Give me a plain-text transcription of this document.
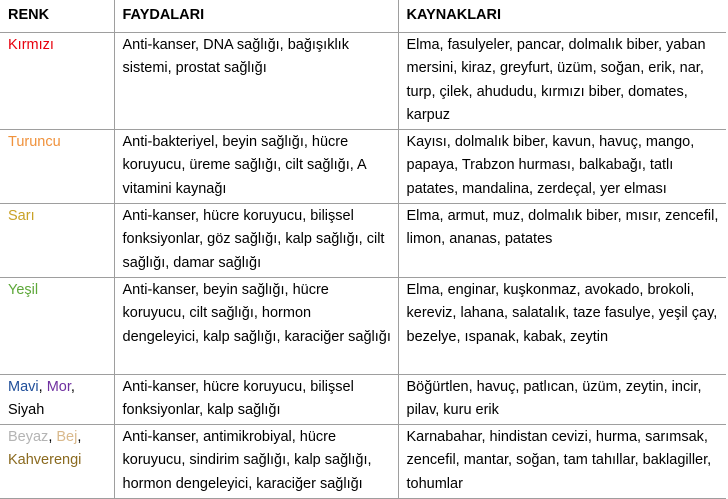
RENK	FAYDALARI	KAYNAKLARI
Kırmızı	Anti-kanser, DNA sağlığı, bağışıklık sistemi, prostat sağlığı	Elma, fasulyeler, pancar, dolmalık biber, yaban mersini, kiraz, greyfurt, üzüm, soğan, erik, nar, turp, çilek, ahududu, kırmızı biber, domates, karpuz
Turuncu	Anti-bakteriyel, beyin sağlığı, hücre koruyucu, üreme sağlığı, cilt sağlığı, A vitamini kaynağı	Kayısı, dolmalık biber, kavun, havuç, mango, papaya, Trabzon hurması, balkabağı, tatlı patates, mandalina, zerdeçal, yer elması
Sarı	Anti-kanser, hücre koruyucu, bilişsel fonksiyonlar, göz sağlığı, kalp sağlığı, cilt sağlığı, damar sağlığı	Elma, armut, muz, dolmalık biber, mısır, zencefil, limon, ananas, patates
Yeşil	Anti-kanser, beyin sağlığı, hücre koruyucu, cilt sağlığı, hormon dengeleyici, kalp sağlığı, karaciğer sağlığı	Elma, enginar, kuşkonmaz, avokado, brokoli, kereviz, lahana, salatalık, taze fasulye, yeşil çay, bezelye, ıspanak, kabak, zeytin
Mavi, Mor, Siyah	Anti-kanser, hücre koruyucu, bilişsel fonksiyonlar, kalp sağlığı	Böğürtlen, havuç, patlıcan, üzüm, zeytin, incir, pilav, kuru erik
Beyaz, Bej, Kahverengi	Anti-kanser, antimikrobiyal, hücre koruyucu, sindirim sağlığı, kalp sağlığı, hormon dengeleyici, karaciğer sağlığı	Karnabahar, hindistan cevizi, hurma, sarımsak, zencefil, mantar, soğan, tam tahıllar, baklagiller, tohumlar
